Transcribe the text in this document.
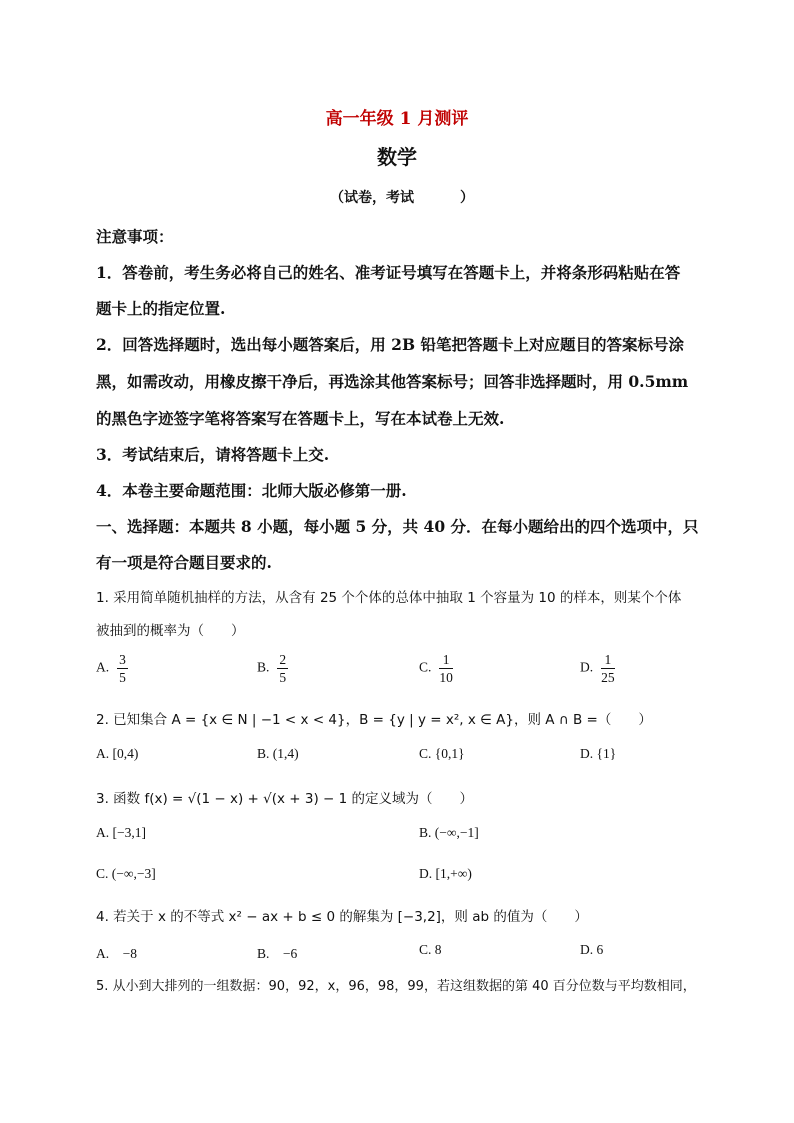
高一年级 1 月测评
数学
（试卷，考试	）
注意事项：
1．答卷前，考生务必将自己的姓名、准考证号填写在答题卡上，并将条形码粘贴在答
题卡上的指定位置.
2．回答选择题时，选出每小题答案后，用 2B 铅笔把答题卡上对应题目的答案标号涂
黑，如需改动，用橡皮擦干净后，再选涂其他答案标号；回答非选择题时，用 0.5mm
的黑色字迹签字笔将答案写在答题卡上，写在本试卷上无效.
3．考试结束后，请将答题卡上交.
4．本卷主要命题范围：北师大版必修第一册.
一、选择题：本题共 8 小题，每小题 5 分，共 40 分．在每小题给出的四个选项中，只
有一项是符合题目要求的.
1. 采用简单随机抽样的方法，从含有 25 个个体的总体中抽取 1 个容量为 10 的样本，则某个个体
被抽到的概率为（　　）
A. $\frac{3}{5}$	B. $\frac{2}{5}$	C. $\frac{1}{10}$	D. $\frac{1}{25}$
2. 已知集合 A = {x ∈ N | −1 < x < 4}，B = {y | y = x², x ∈ A}，则 A ∩ B =（　　）
A. [0,4)	B. (1,4)	C. {0,1}	D. {1}
3. 函数 f(x) = √(1 − x) + √(x + 3) − 1 的定义域为（　　）
A. [−3,1]	B. (−∞,−1]
C. (−∞,−3]	D. [1,+∞)
4. 若关于 x 的不等式 x² − ax + b ≤ 0 的解集为 [−3,2]，则 ab 的值为（　　）
A.　−8	B.　−6	C. 8	D. 6
5. 从小到大排列的一组数据：90，92，x，96，98，99，若这组数据的第 40 百分位数与平均数相同，
